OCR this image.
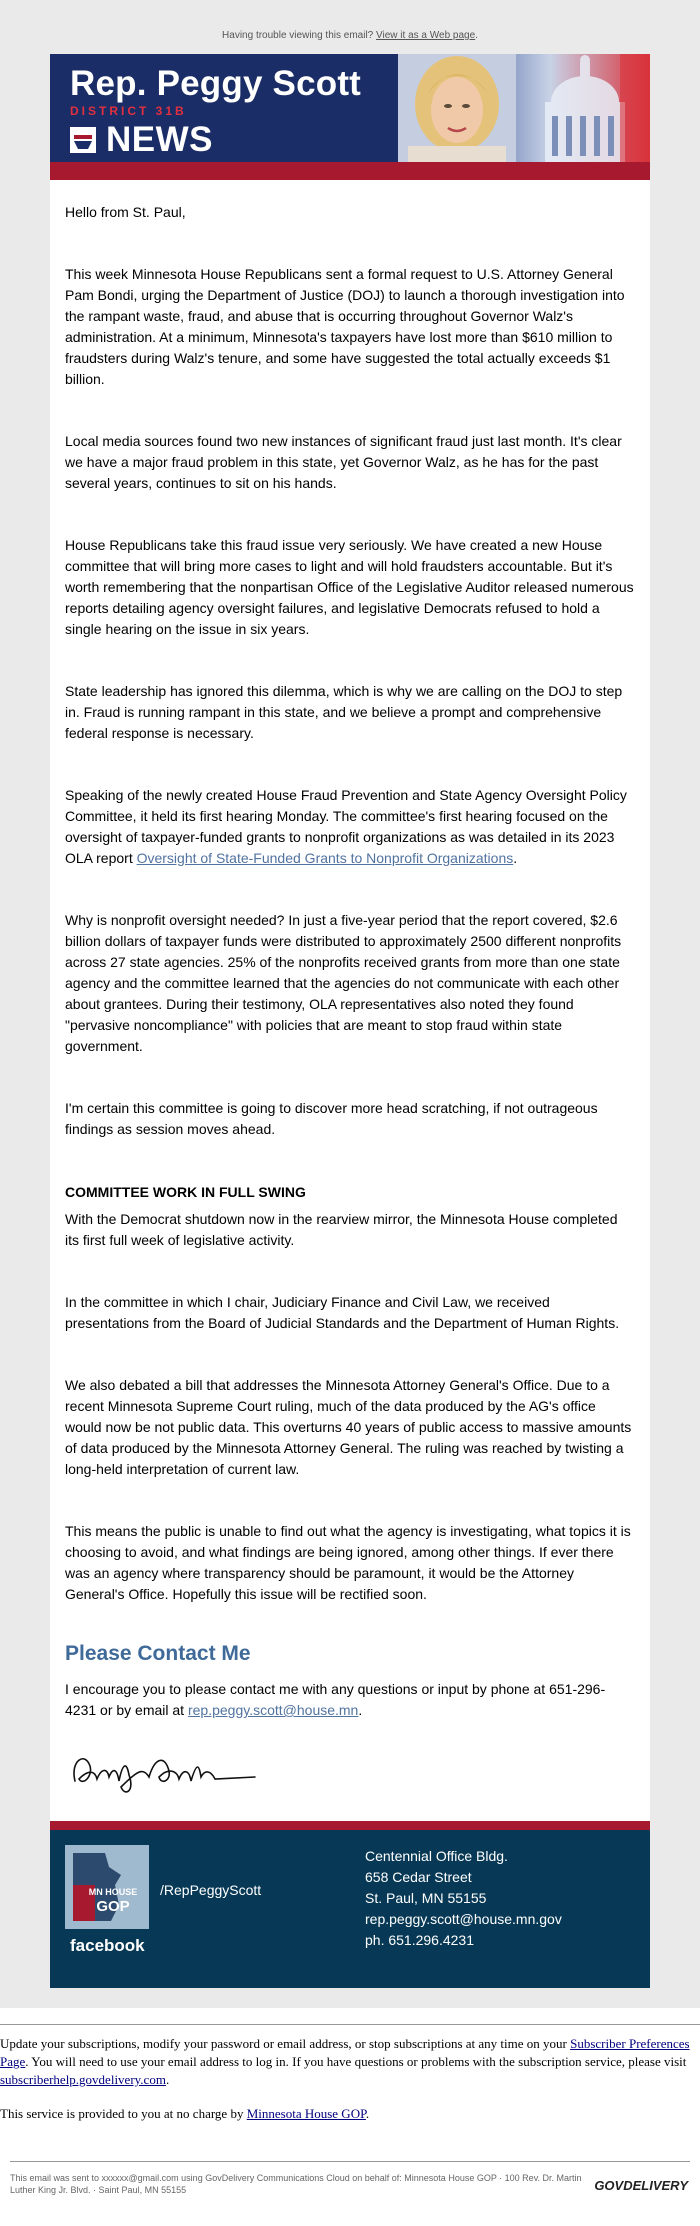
Having trouble viewing this email? View it as a Web page.
Rep. Peggy Scott
DISTRICT 31B
NEWS

Hello from St. Paul,

This week Minnesota House Republicans sent a formal request to U.S. Attorney General Pam Bondi, urging the Department of Justice (DOJ) to launch a thorough investigation into the rampant waste, fraud, and abuse that is occurring throughout Governor Walz's administration. At a minimum, Minnesota's taxpayers have lost more than $610 million to fraudsters during Walz's tenure, and some have suggested the total actually exceeds $1 billion.

Local media sources found two new instances of significant fraud just last month. It's clear we have a major fraud problem in this state, yet Governor Walz, as he has for the past several years, continues to sit on his hands.

House Republicans take this fraud issue very seriously. We have created a new House committee that will bring more cases to light and will hold fraudsters accountable. But it's worth remembering that the nonpartisan Office of the Legislative Auditor released numerous reports detailing agency oversight failures, and legislative Democrats refused to hold a single hearing on the issue in six years.

State leadership has ignored this dilemma, which is why we are calling on the DOJ to step in. Fraud is running rampant in this state, and we believe a prompt and comprehensive federal response is necessary.

Speaking of the newly created House Fraud Prevention and State Agency Oversight Policy Committee, it held its first hearing Monday. The committee's first hearing focused on the oversight of taxpayer-funded grants to nonprofit organizations as was detailed in its 2023 OLA report Oversight of State-Funded Grants to Nonprofit Organizations.

Why is nonprofit oversight needed? In just a five-year period that the report covered, $2.6 billion dollars of taxpayer funds were distributed to approximately 2500 different nonprofits across 27 state agencies. 25% of the nonprofits received grants from more than one state agency and the committee learned that the agencies do not communicate with each other about grantees. During their testimony, OLA representatives also noted they found "pervasive noncompliance" with policies that are meant to stop fraud within state government.

I'm certain this committee is going to discover more head scratching, if not outrageous findings as session moves ahead.

COMMITTEE WORK IN FULL SWING

With the Democrat shutdown now in the rearview mirror, the Minnesota House completed its first full week of legislative activity.

In the committee in which I chair, Judiciary Finance and Civil Law, we received presentations from the Board of Judicial Standards and the Department of Human Rights.

We also debated a bill that addresses the Minnesota Attorney General's Office. Due to a recent Minnesota Supreme Court ruling, much of the data produced by the AG's office would now be not public data. This overturns 40 years of public access to massive amounts of data produced by the Minnesota Attorney General. The ruling was reached by twisting a long-held interpretation of current law.

This means the public is unable to find out what the agency is investigating, what topics it is choosing to avoid, and what findings are being ignored, among other things. If ever there was an agency where transparency should be paramount, it would be the Attorney General's Office. Hopefully this issue will be rectified soon.

Please Contact Me

I encourage you to please contact me with any questions or input by phone at 651-296-4231 or by email at rep.peggy.scott@house.mn.

MN HOUSE
GOP
facebook
/RepPeggyScott
Centennial Office Bldg.
658 Cedar Street
St. Paul, MN 55155
rep.peggy.scott@house.mn.gov
ph. 651.296.4231

Update your subscriptions, modify your password or email address, or stop subscriptions at any time on your Subscriber Preferences Page. You will need to use your email address to log in. If you have questions or problems with the subscription service, please visit subscriberhelp.govdelivery.com.

This service is provided to you at no charge by Minnesota House GOP.

This email was sent to xxxxxx@gmail.com using GovDelivery Communications Cloud on behalf of: Minnesota House GOP · 100 Rev. Dr. Martin Luther King Jr. Blvd. · Saint Paul, MN 55155	GOVDELIVERY
